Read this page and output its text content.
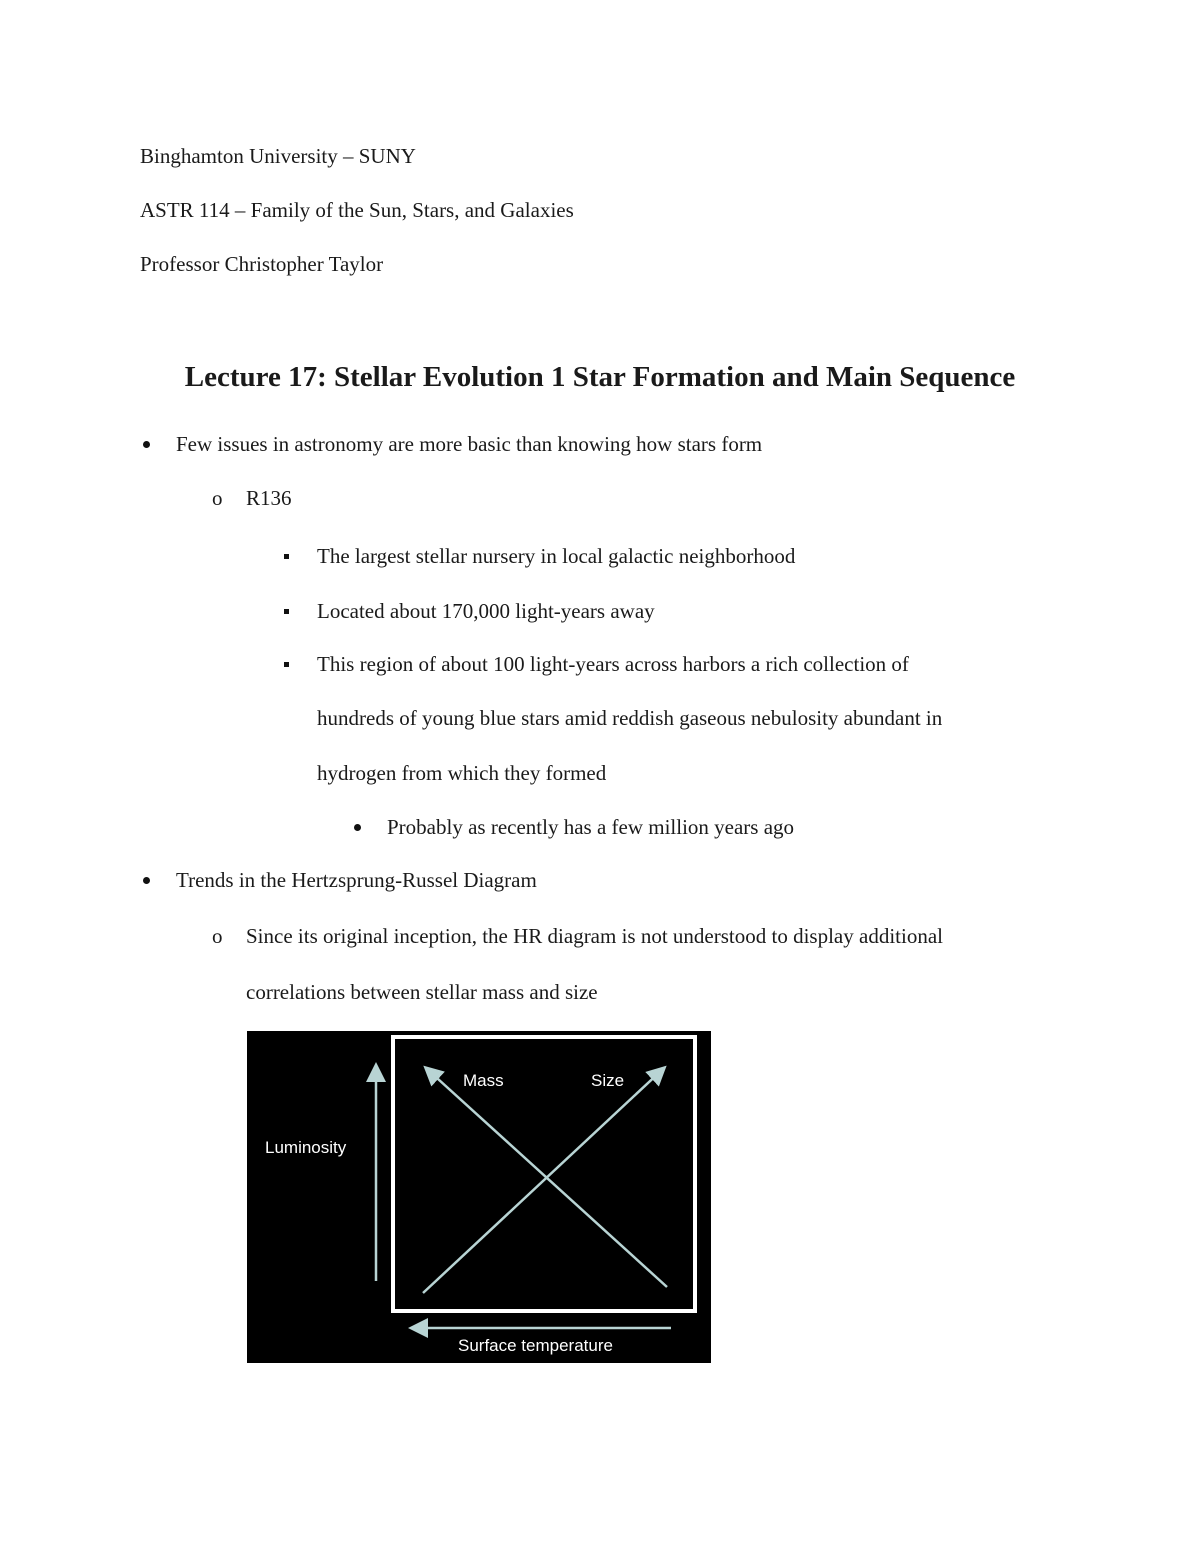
Binghamton University – SUNY
ASTR 114 – Family of the Sun, Stars, and Galaxies
Professor Christopher Taylor
Lecture 17: Stellar Evolution 1 Star Formation and Main Sequence
Few issues in astronomy are more basic than knowing how stars form
o R136
The largest stellar nursery in local galactic neighborhood
Located about 170,000 light-years away
This region of about 100 light-years across harbors a rich collection of
hundreds of young blue stars amid reddish gaseous nebulosity abundant in
hydrogen from which they formed
Probably as recently has a few million years ago
Trends in the Hertzsprung-Russel Diagram
o Since its original inception, the HR diagram is not understood to display additional
correlations between stellar mass and size
Mass	Size
Luminosity
Surface temperature
